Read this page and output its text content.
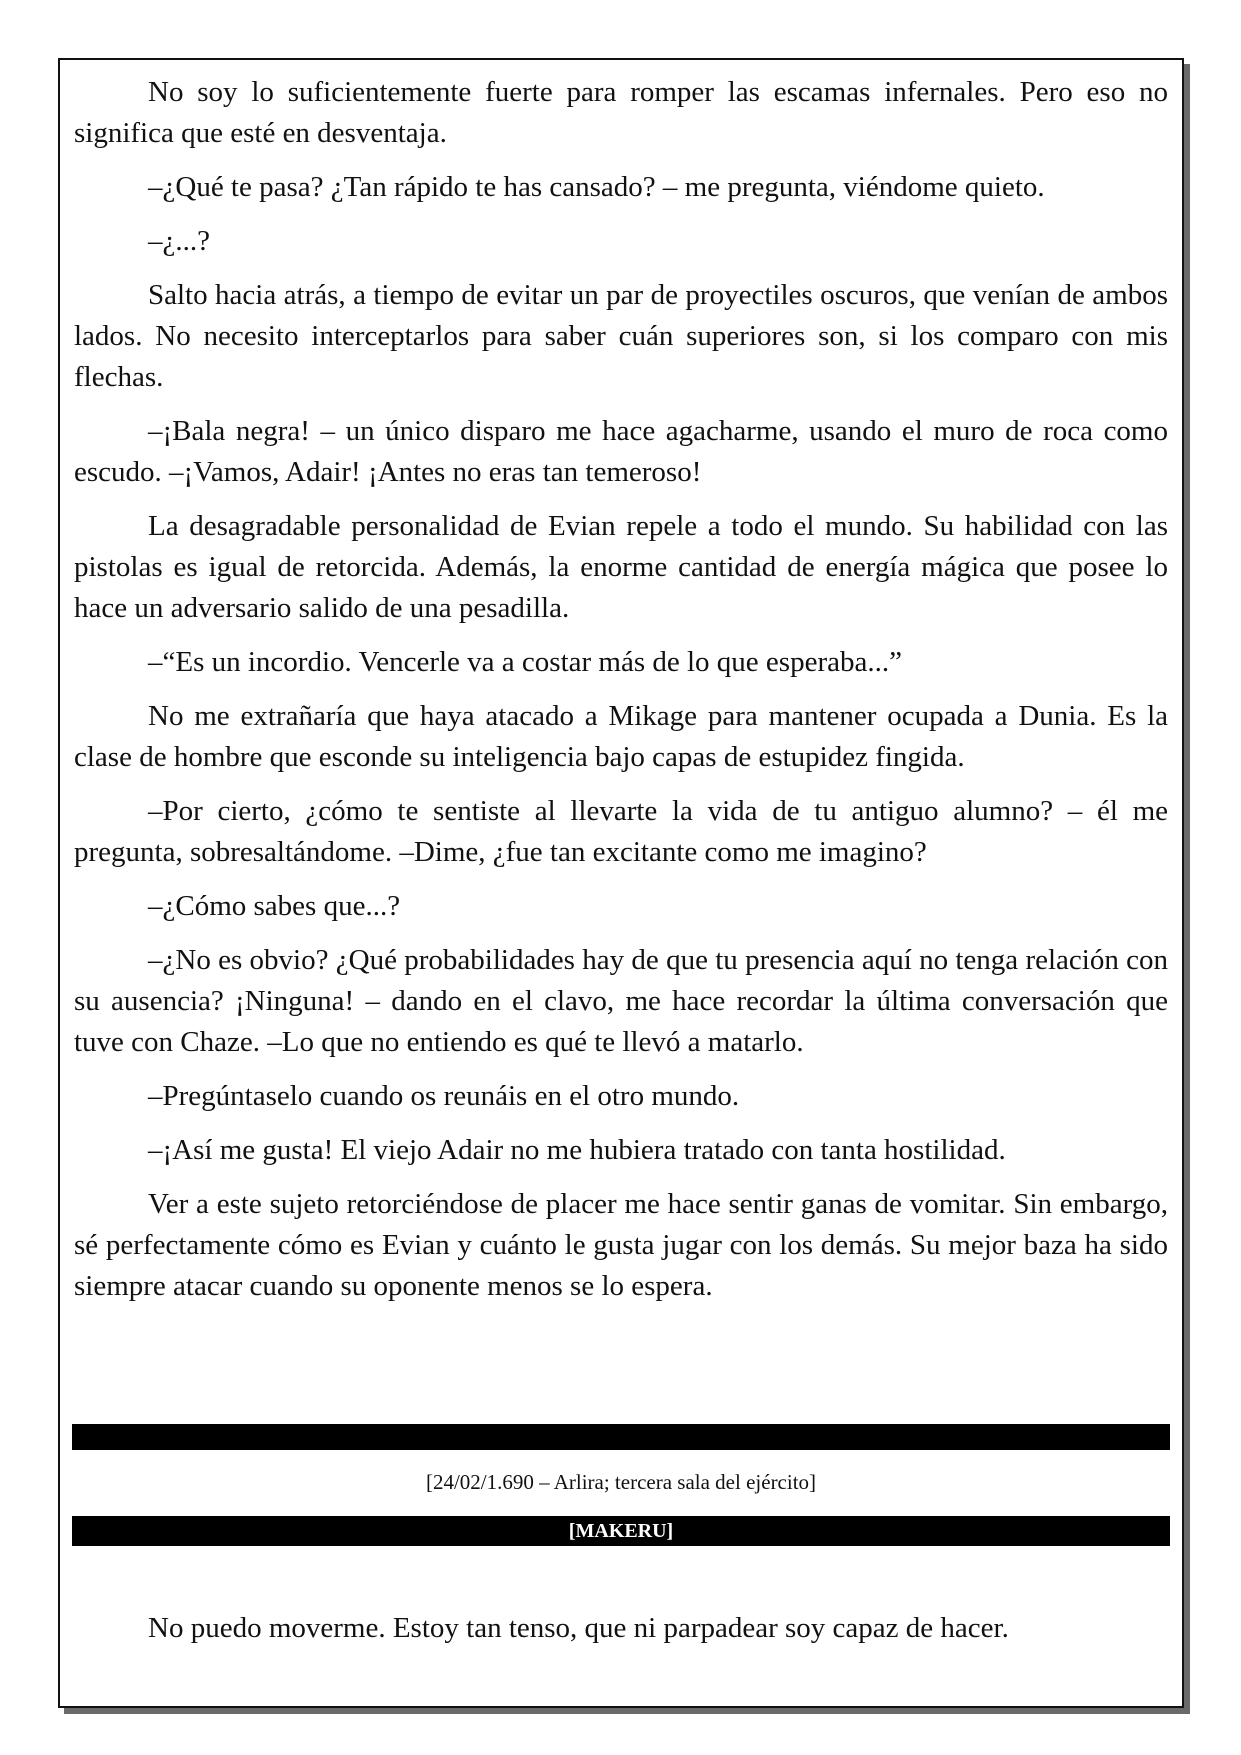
No soy lo suficientemente fuerte para romper las escamas infernales. Pero eso no significa que esté en desventaja.

–¿Qué te pasa? ¿Tan rápido te has cansado? – me pregunta, viéndome quieto.

–¿...?

Salto hacia atrás, a tiempo de evitar un par de proyectiles oscuros, que venían de ambos lados. No necesito interceptarlos para saber cuán superiores son, si los comparo con mis flechas.

–¡Bala negra! – un único disparo me hace agacharme, usando el muro de roca como escudo. –¡Vamos, Adair! ¡Antes no eras tan temeroso!

La desagradable personalidad de Evian repele a todo el mundo. Su habilidad con las pistolas es igual de retorcida. Además, la enorme cantidad de energía mágica que posee lo hace un adversario salido de una pesadilla.

–“Es un incordio. Vencerle va a costar más de lo que esperaba...”

No me extrañaría que haya atacado a Mikage para mantener ocupada a Dunia. Es la clase de hombre que esconde su inteligencia bajo capas de estupidez fingida.

–Por cierto, ¿cómo te sentiste al llevarte la vida de tu antiguo alumno? – él me pregunta, sobresaltándome. –Dime, ¿fue tan excitante como me imagino?

–¿Cómo sabes que...?

–¿No es obvio? ¿Qué probabilidades hay de que tu presencia aquí no tenga relación con su ausencia? ¡Ninguna! – dando en el clavo, me hace recordar la última conversación que tuve con Chaze. –Lo que no entiendo es qué te llevó a matarlo.

–Pregúntaselo cuando os reunáis en el otro mundo.

–¡Así me gusta! El viejo Adair no me hubiera tratado con tanta hostilidad.

Ver a este sujeto retorciéndose de placer me hace sentir ganas de vomitar. Sin embargo, sé perfectamente cómo es Evian y cuánto le gusta jugar con los demás. Su mejor baza ha sido siempre atacar cuando su oponente menos se lo espera.

[24/02/1.690 – Arlira; tercera sala del ejército]
[MAKERU]

No puedo moverme. Estoy tan tenso, que ni parpadear soy capaz de hacer.
